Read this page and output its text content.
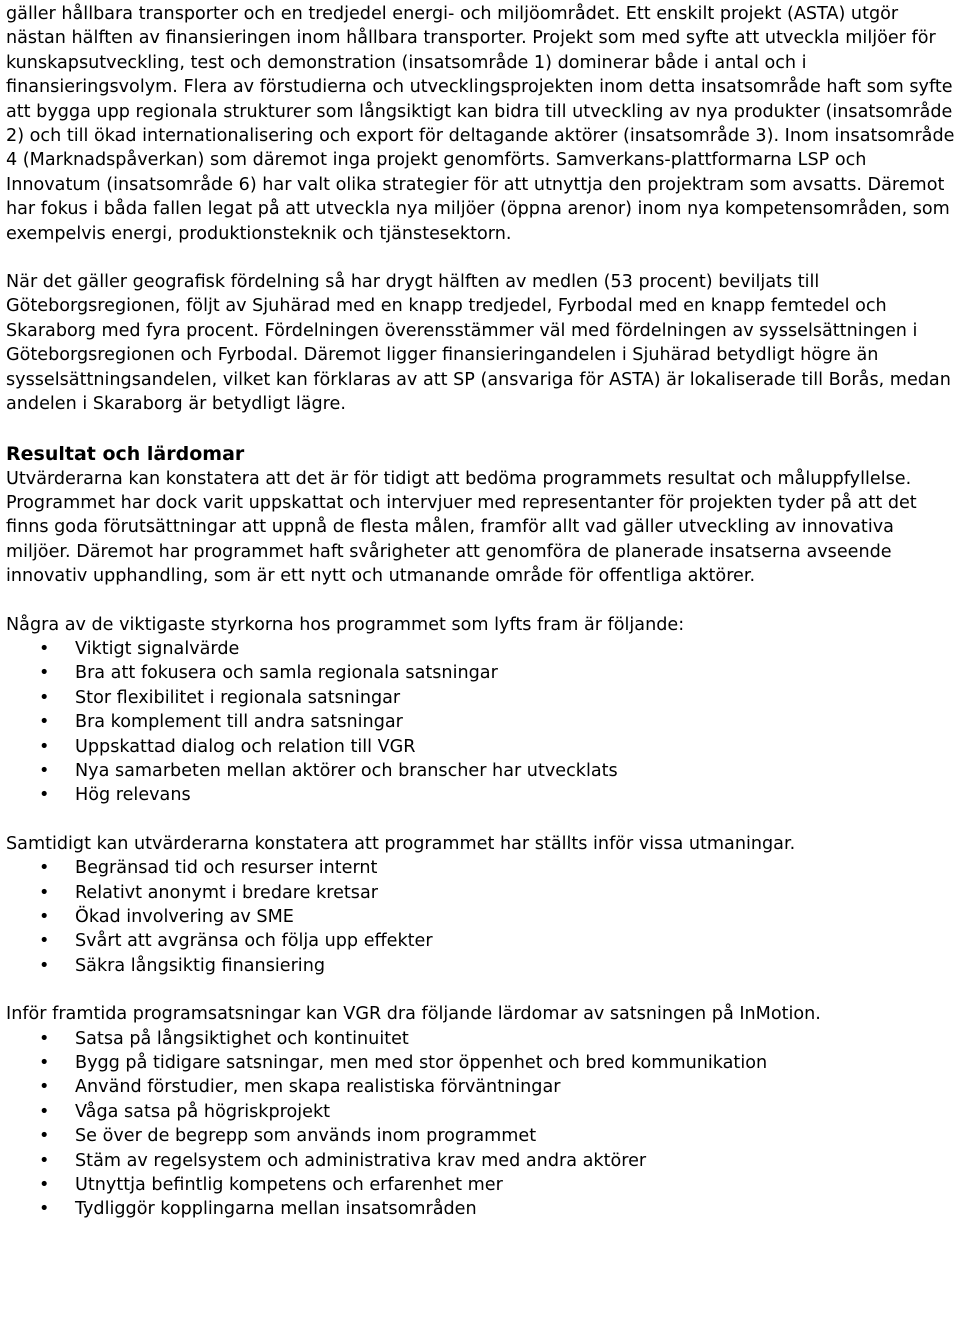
gäller hållbara transporter och en tredjedel energi- och miljöområdet. Ett enskilt projekt (ASTA) utgör nästan hälften av finansieringen inom hållbara transporter. Projekt som med syfte att utveckla miljöer för kunskapsutveckling, test och demonstration (insatsområde 1) dominerar både i antal och i finansieringsvolym. Flera av förstudierna och utvecklingsprojekten inom detta insatsområde haft som syfte att bygga upp regionala strukturer som långsiktigt kan bidra till utveckling av nya produkter (insatsområde 2) och till ökad internationalisering och export för deltagande aktörer (insatsområde 3). Inom insatsområde 4 (Marknadspåverkan) som däremot inga projekt genomförts. Samverkans-plattformarna LSP och Innovatum (insatsområde 6) har valt olika strategier för att utnyttja den projektram som avsatts. Däremot har fokus i båda fallen legat på att utveckla nya miljöer (öppna arenor) inom nya kompetensområden, som exempelvis energi, produktionsteknik och tjänstesektorn.

När det gäller geografisk fördelning så har drygt hälften av medlen (53 procent) beviljats till Göteborgsregionen, följt av Sjuhärad med en knapp tredjedel, Fyrbodal med en knapp femtedel och Skaraborg med fyra procent. Fördelningen överensstämmer väl med fördelningen av sysselsättningen i Göteborgsregionen och Fyrbodal. Däremot ligger finansieringandelen i Sjuhärad betydligt högre än sysselsättningsandelen, vilket kan förklaras av att SP (ansvariga för ASTA) är lokaliserade till Borås, medan andelen i Skaraborg är betydligt lägre.

Resultat och lärdomar

Utvärderarna kan konstatera att det är för tidigt att bedöma programmets resultat och måluppfyllelse. Programmet har dock varit uppskattat och intervjuer med representanter för projekten tyder på att det finns goda förutsättningar att uppnå de flesta målen, framför allt vad gäller utveckling av innovativa miljöer. Däremot har programmet haft svårigheter att genomföra de planerade insatserna avseende innovativ upphandling, som är ett nytt och utmanande område för offentliga aktörer.

Några av de viktigaste styrkorna hos programmet som lyfts fram är följande:

• Viktigt signalvärde
• Bra att fokusera och samla regionala satsningar
• Stor flexibilitet i regionala satsningar
• Bra komplement till andra satsningar
• Uppskattad dialog och relation till VGR
• Nya samarbeten mellan aktörer och branscher har utvecklats
• Hög relevans

Samtidigt kan utvärderarna konstatera att programmet har ställts inför vissa utmaningar.

• Begränsad tid och resurser internt
• Relativt anonymt i bredare kretsar
• Ökad involvering av SME
• Svårt att avgränsa och följa upp effekter
• Säkra långsiktig finansiering

Inför framtida programsatsningar kan VGR dra följande lärdomar av satsningen på InMotion.

• Satsa på långsiktighet och kontinuitet
• Bygg på tidigare satsningar, men med stor öppenhet och bred kommunikation
• Använd förstudier, men skapa realistiska förväntningar
• Våga satsa på högriskprojekt
• Se över de begrepp som används inom programmet
• Stäm av regelsystem och administrativa krav med andra aktörer
• Utnyttja befintlig kompetens och erfarenhet mer
• Tydliggör kopplingarna mellan insatsområden
